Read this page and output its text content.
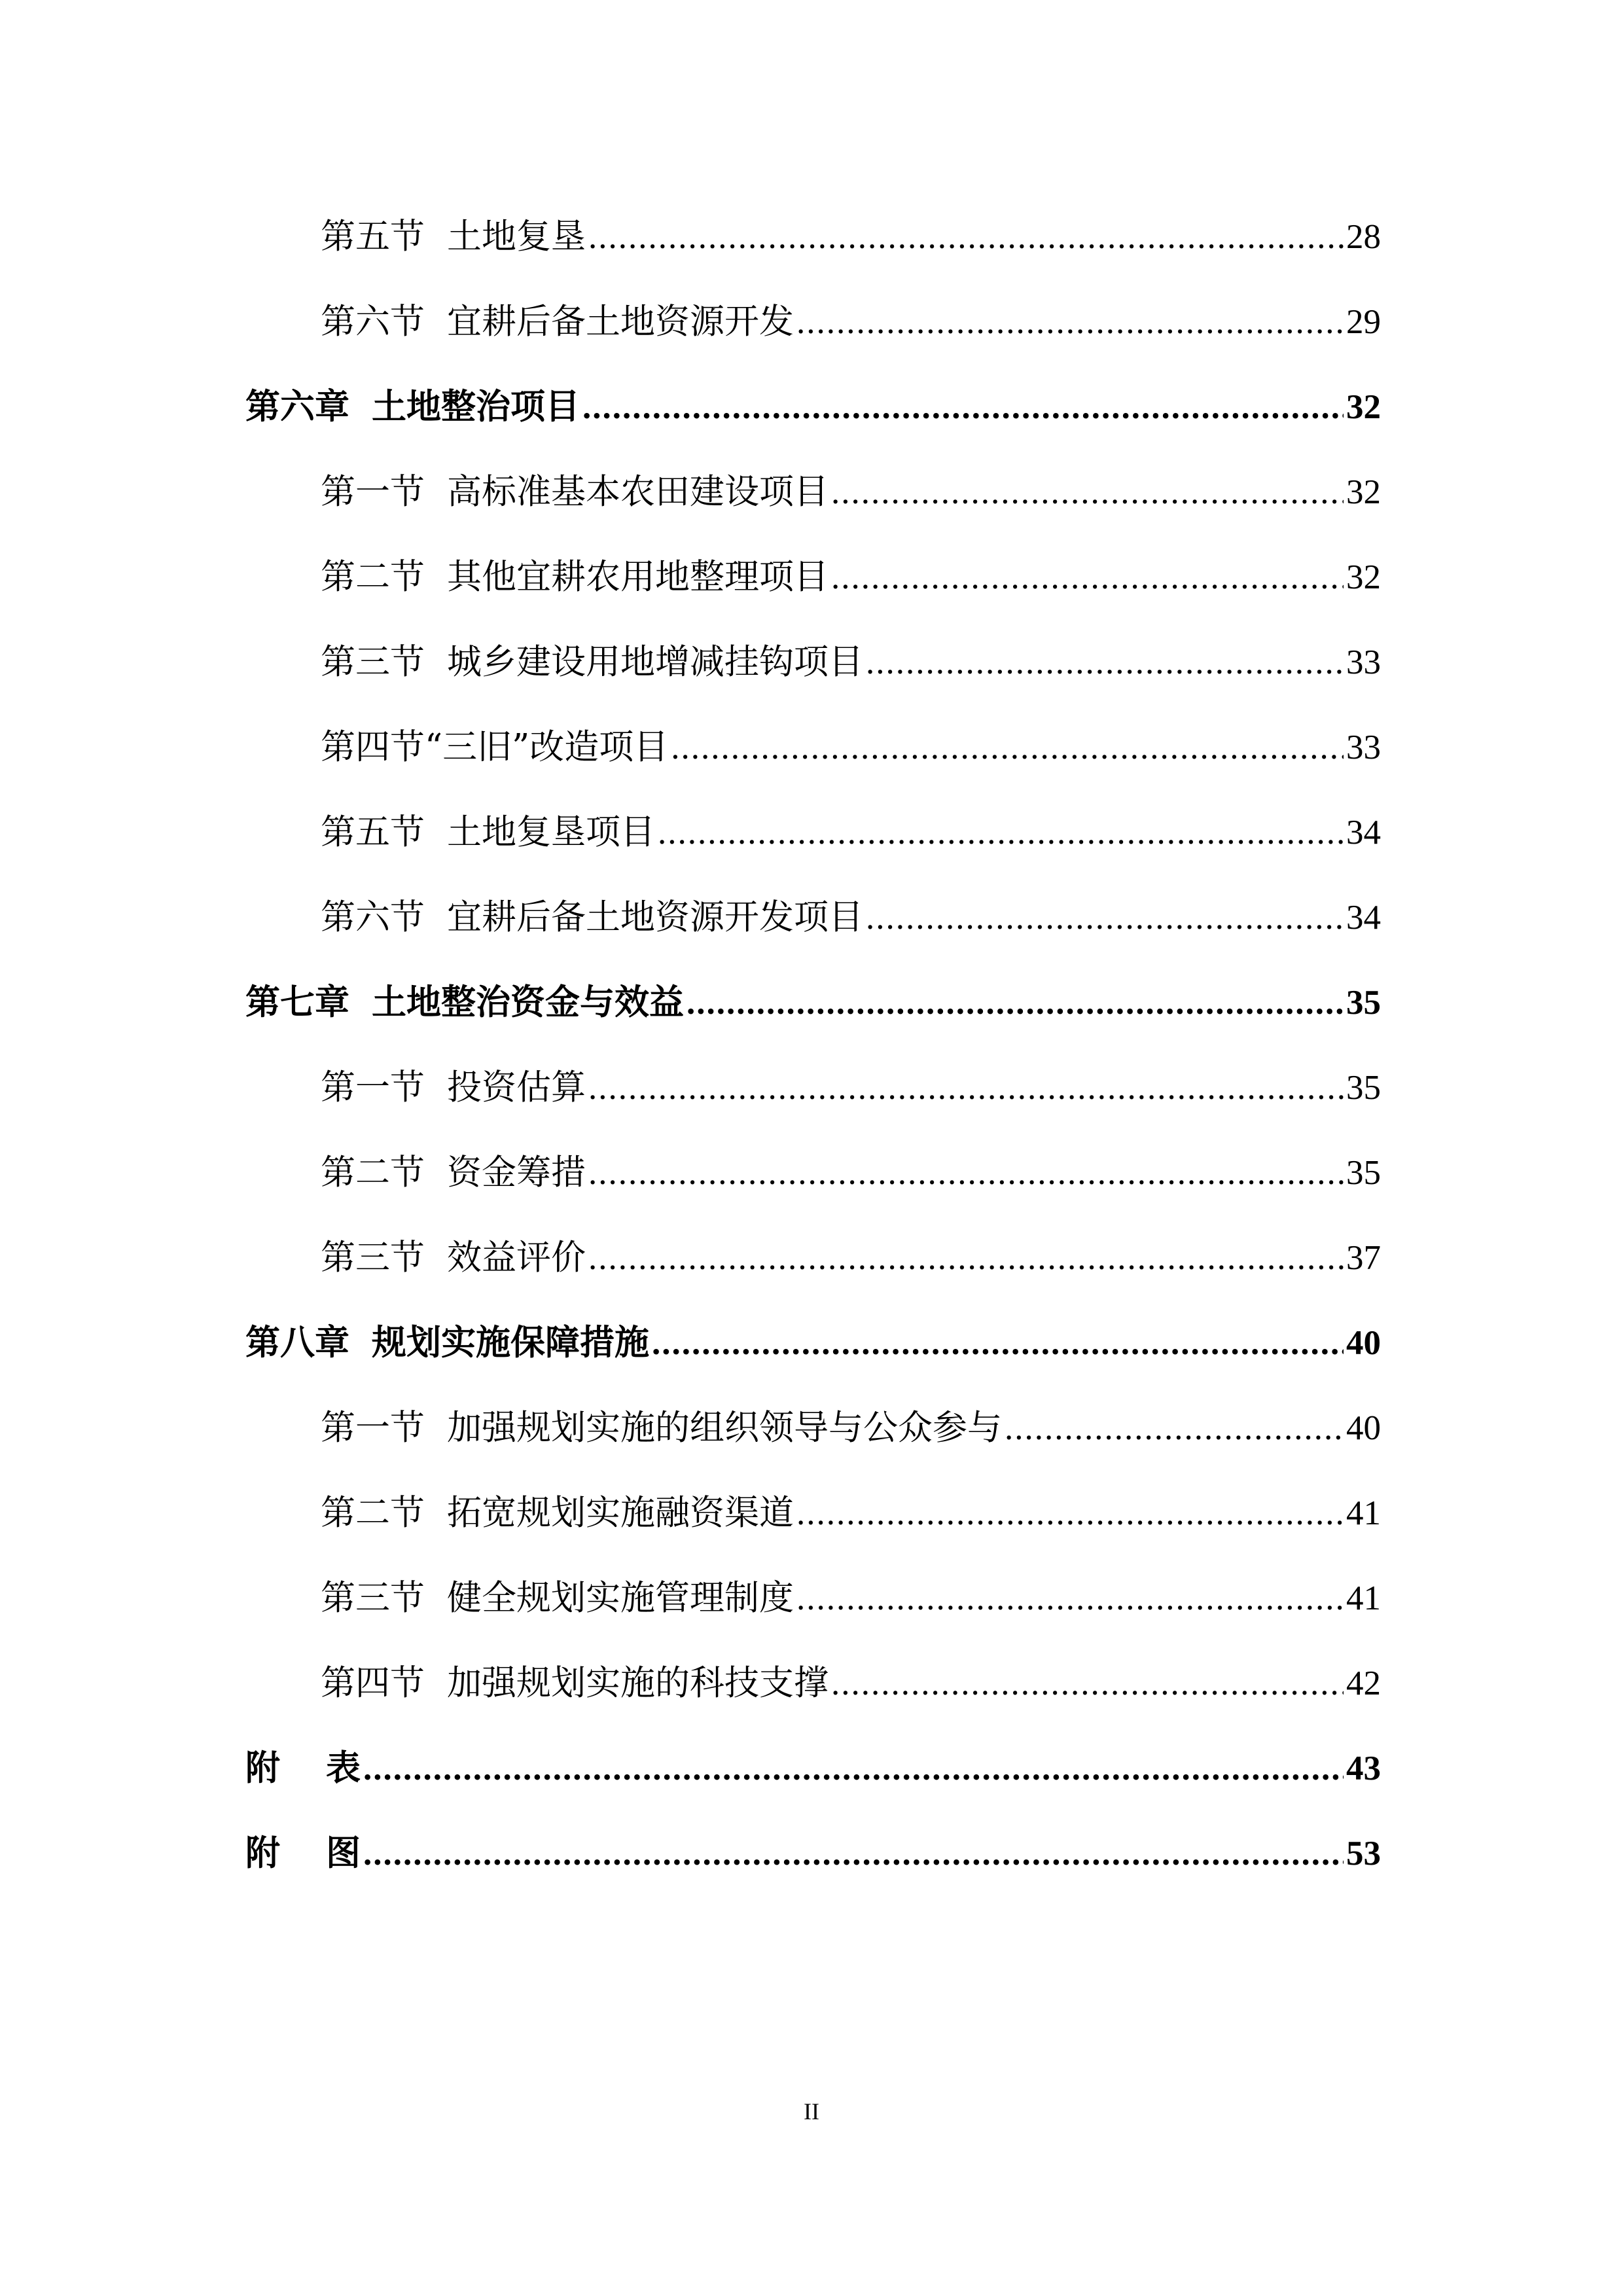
第五节 土地复垦 .....	28
第六节 宜耕后备土地资源开发 .....	29
第六章 土地整治项目 .....	32
第一节 高标准基本农田建设项目 .....	32
第二节 其他宜耕农用地整理项目 .....	32
第三节 城乡建设用地增减挂钩项目 .....	33
第四节 “三旧”改造项目 .....	33
第五节 土地复垦项目 .....	34
第六节 宜耕后备土地资源开发项目 .....	34
第七章 土地整治资金与效益 .....	35
第一节 投资估算 .....	35
第二节 资金筹措 .....	35
第三节 效益评价 .....	37
第八章 规划实施保障措施 .....	40
第一节 加强规划实施的组织领导与公众参与 .....	40
第二节 拓宽规划实施融资渠道 .....	41
第三节 健全规划实施管理制度 .....	41
第四节 加强规划实施的科技支撑 .....	42
附 表 .....	43
附 图 .....	53
II
